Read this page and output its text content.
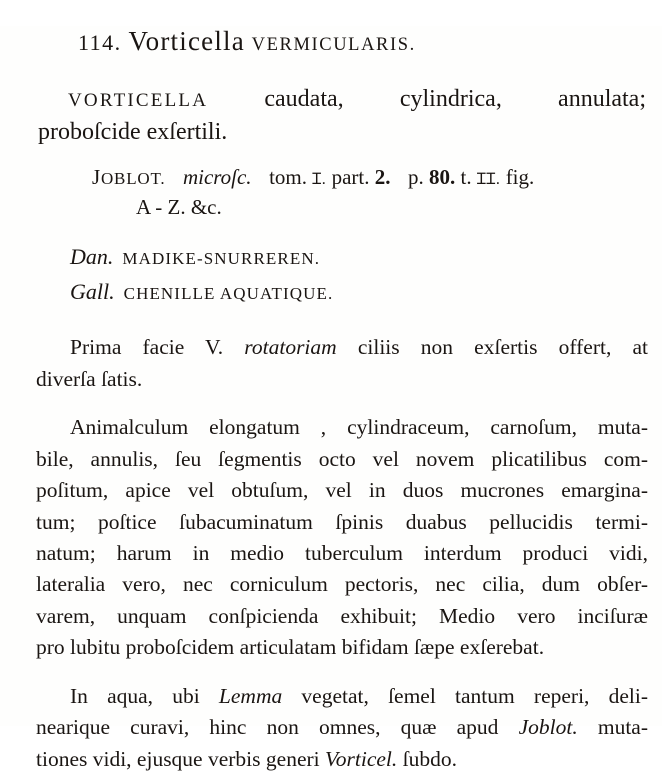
114. Vorticella VERMICULARIS.
VORTICELLA caudata, cylindrica, annulata;
proboſcide exſertili.
JOBLOT. microſc. tom. Ɪ. part. 2. p. 80. t. ꞮꞮ. fig.
A - Z. &c.
Dan. MADIKE-SNURREREN.
Gall. CHENILLE AQUATIQUE.
Prima facie V. rotatoriam ciliis non exſertis offert, at
diverſa ſatis.
Animalculum elongatum , cylindraceum, carnoſum, muta-
bile, annulis, ſeu ſegmentis octo vel novem plicatilibus com-
poſitum, apice vel obtuſum, vel in duos mucrones emargina-
tum; poſtice ſubacuminatum ſpinis duabus pellucidis termi-
natum; harum in medio tuberculum interdum produci vidi,
lateralia vero, nec corniculum pectoris, nec cilia, dum obſer-
varem, unquam conſpicienda exhibuit; Medio vero inciſuræ
pro lubitu proboſcidem articulatam bifidam ſæpe exſerebat.
In aqua, ubi Lemma vegetat, ſemel tantum reperi, deli-
nearique curavi, hinc non omnes, quæ apud Joblot. muta-
tiones vidi, ejusque verbis generi Vorticel. ſubdo.
